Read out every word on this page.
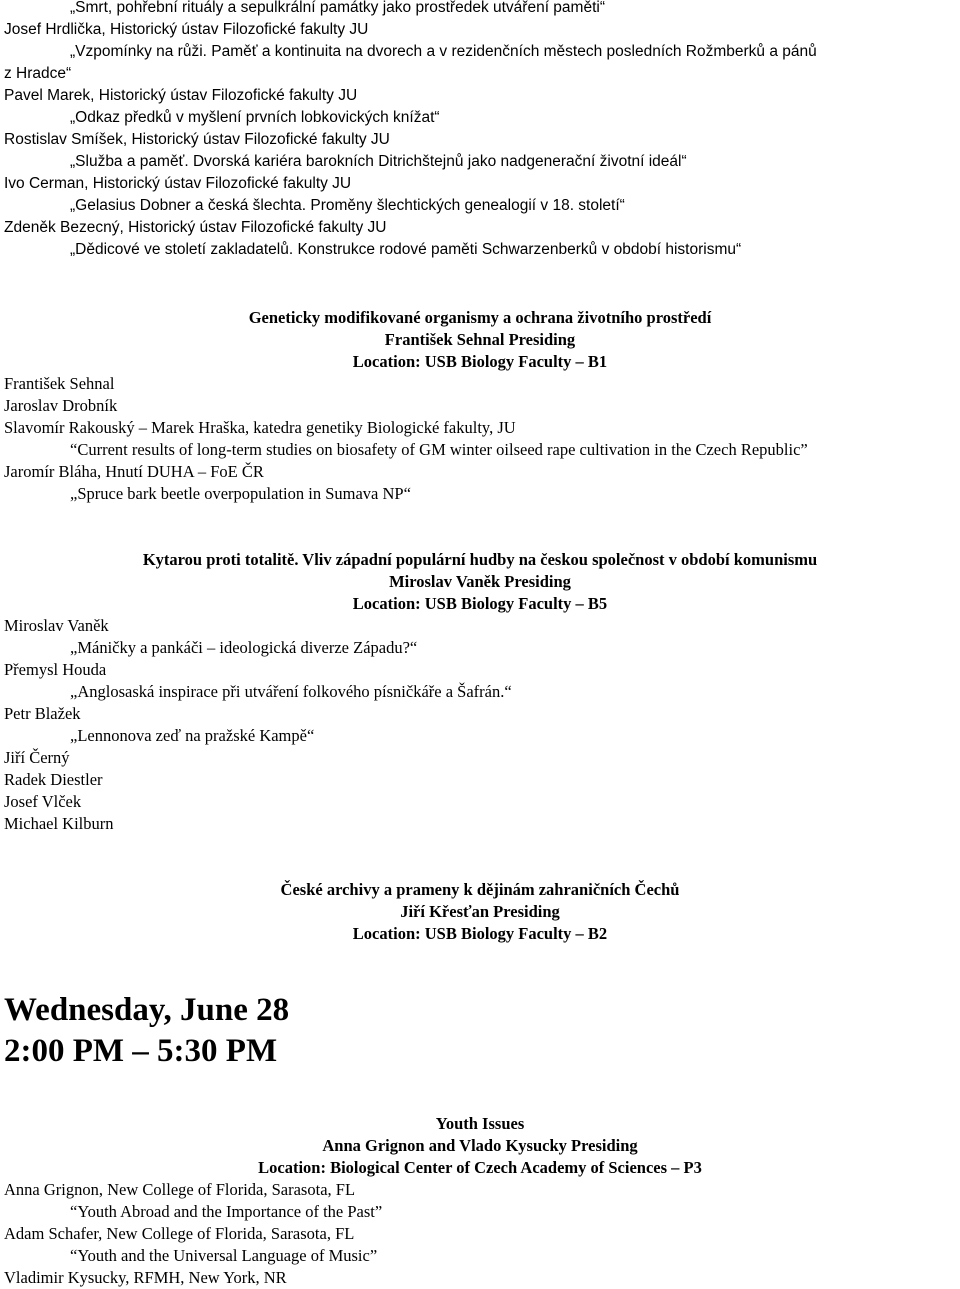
„Smrt, pohřební rituály a sepulkrální památky jako prostředek utváření paměti“
Josef Hrdlička, Historický ústav Filozofické fakulty JU
„Vzpomínky na růži. Paměť a kontinuita na dvorech a v rezidenčních městech posledních Rožmberků a pánů
z Hradce“
Pavel Marek, Historický ústav Filozofické fakulty JU
„Odkaz předků v myšlení prvních lobkovických knížat“
Rostislav Smíšek, Historický ústav Filozofické fakulty JU
„Služba a paměť. Dvorská kariéra barokních Ditrichštejnů jako nadgenerační životní ideál“
Ivo Cerman, Historický ústav Filozofické fakulty JU
„Gelasius Dobner a česká šlechta. Proměny šlechtických genealogií v 18. století“
Zdeněk Bezecný, Historický ústav Filozofické fakulty JU
„Dědicové ve století zakladatelů. Konstrukce rodové paměti Schwarzenberků v období historismu“
Geneticky modifikované organismy a ochrana životního prostředí
František Sehnal Presiding
Location: USB Biology Faculty – B1
František Sehnal
Jaroslav Drobník
Slavomír Rakouský – Marek Hraška, katedra genetiky Biologické fakulty, JU
“Current results of long-term studies on biosafety of GM winter oilseed rape cultivation in the Czech Republic”
Jaromír Bláha, Hnutí DUHA – FoE ČR
„Spruce bark beetle overpopulation in Sumava NP“
Kytarou proti totalitě. Vliv západní populární hudby na českou společnost v období komunismu
Miroslav Vaněk Presiding
Location: USB Biology Faculty – B5
Miroslav Vaněk
„Máničky a pankáči – ideologická diverze Západu?“
Přemysl Houda
„Anglosaská inspirace při utváření folkového písničkáře a Šafrán.“
Petr Blažek
„Lennonova zeď na pražské Kampě“
Jiří Černý
Radek Diestler
Josef Vlček
Michael Kilburn
České archivy a prameny k dějinám zahraničních Čechů
Jiří Křesťan Presiding
Location: USB Biology Faculty – B2
Wednesday, June 28
2:00 PM – 5:30 PM
Youth Issues
Anna Grignon and Vlado Kysucky Presiding
Location: Biological Center of Czech Academy of Sciences – P3
Anna Grignon, New College of Florida, Sarasota, FL
“Youth Abroad and the Importance of the Past”
Adam Schafer, New College of Florida, Sarasota, FL
“Youth and the Universal Language of Music”
Vladimir Kysucky, RFMH, New York, NR
